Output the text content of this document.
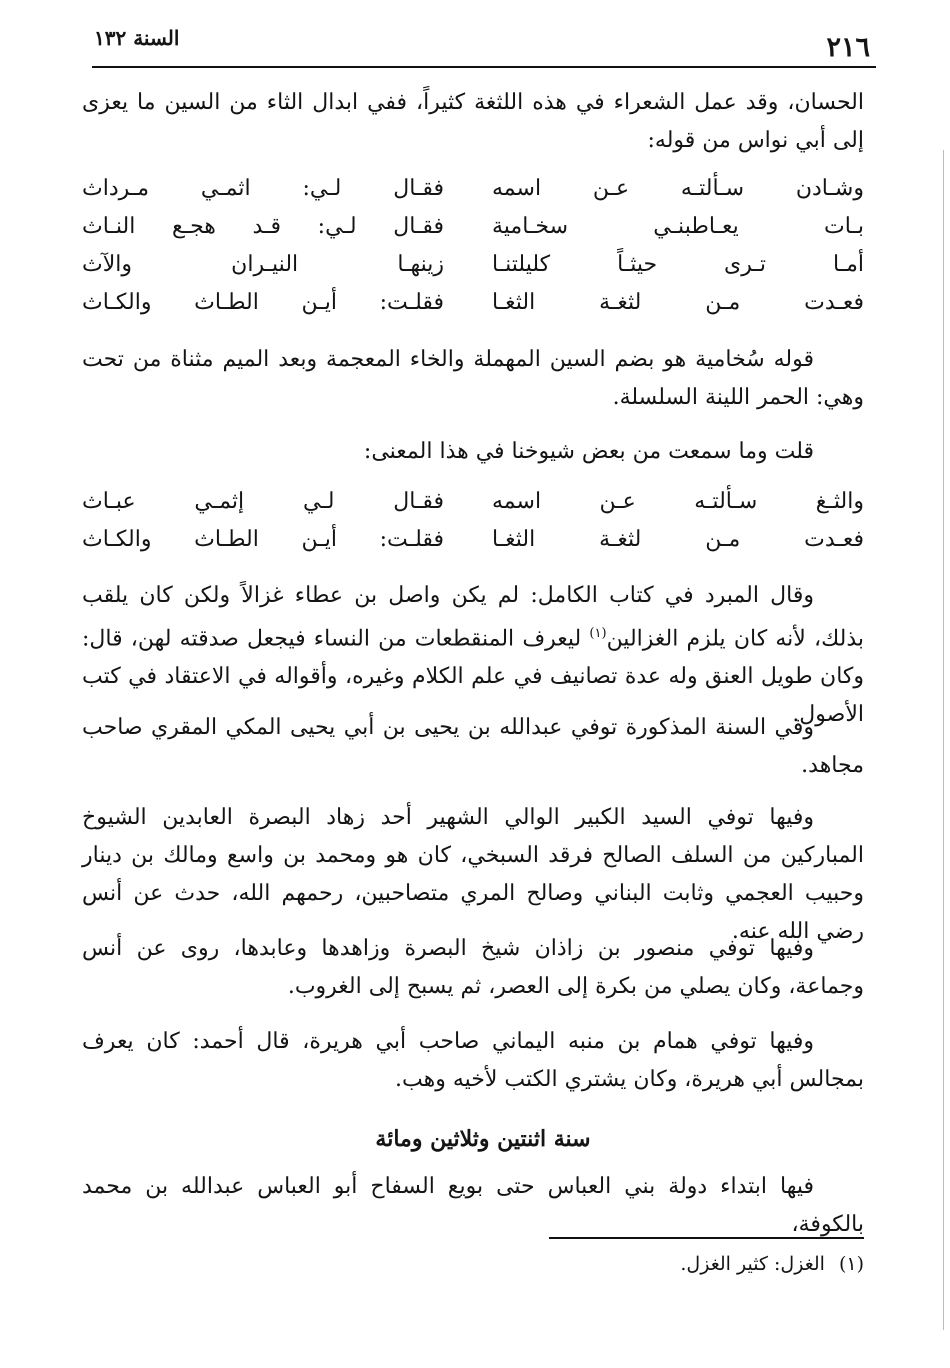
٢١٦
السنة ١٣٢

الحسان، وقد عمل الشعراء في هذه اللثغة كثيراً، ففي ابدال الثاء من السين ما يعزى إلى أبي نواس من قوله:

وشـادن سـألتـه عـن اسمه
فقـال لـي: اثمـي مـرداث
بـات يعـاطبنـي سخـامية
فقـال لـي: قـد هجـع النـاث
أمـا تـرى حيثـاً كليلتنـا
زينهـا النيـران والآث
فعـدت مـن لثغـة الثغـا
فقلـت: أيـن الطـاث والكـاث

قوله سُخامية هو بضم السين المهملة والخاء المعجمة وبعد الميم مثناة من تحت وهي: الحمر اللينة السلسلة.

قلت وما سمعت من بعض شيوخنا في هذا المعنى:

والثـغ سـألتـه عـن اسمه
فقـال لـي إثمـي عبـاث
فعـدت مـن لثغـة الثغـا
فقلـت: أيـن الطـاث والكـاث

وقال المبرد في كتاب الكامل: لم يكن واصل بن عطاء غزالاً ولكن كان يلقب بذلك، لأنه كان يلزم الغزالين$^{(١)}$ ليعرف المنقطعات من النساء فيجعل صدقته لهن، قال: وكان طويل العنق وله عدة تصانيف في علم الكلام وغيره، وأقواله في الاعتقاد في كتب الأصول.

وفي السنة المذكورة توفي عبدالله بن يحيى بن أبي يحيى المكي المقري صاحب مجاهد.

وفيها توفي السيد الكبير الوالي الشهير أحد زهاد البصرة العابدين الشيوخ المباركين من السلف الصالح فرقد السبخي، كان هو ومحمد بن واسع ومالك بن دينار وحبيب العجمي وثابت البناني وصالح المري متصاحبين، رحمهم الله، حدث عن أنس رضي الله عنه.

وفيها توفي منصور بن زاذان شيخ البصرة وزاهدها وعابدها، روى عن أنس وجماعة، وكان يصلي من بكرة إلى العصر، ثم يسبح إلى الغروب.

وفيها توفي همام بن منبه اليماني صاحب أبي هريرة، قال أحمد: كان يعرف بمجالس أبي هريرة، وكان يشتري الكتب لأخيه وهب.

سنة اثنتين وثلاثين ومائة

فيها ابتداء دولة بني العباس حتى بويع السفاح أبو العباس عبدالله بن محمد بالكوفة،

(١)الغزل: كثير الغزل.
